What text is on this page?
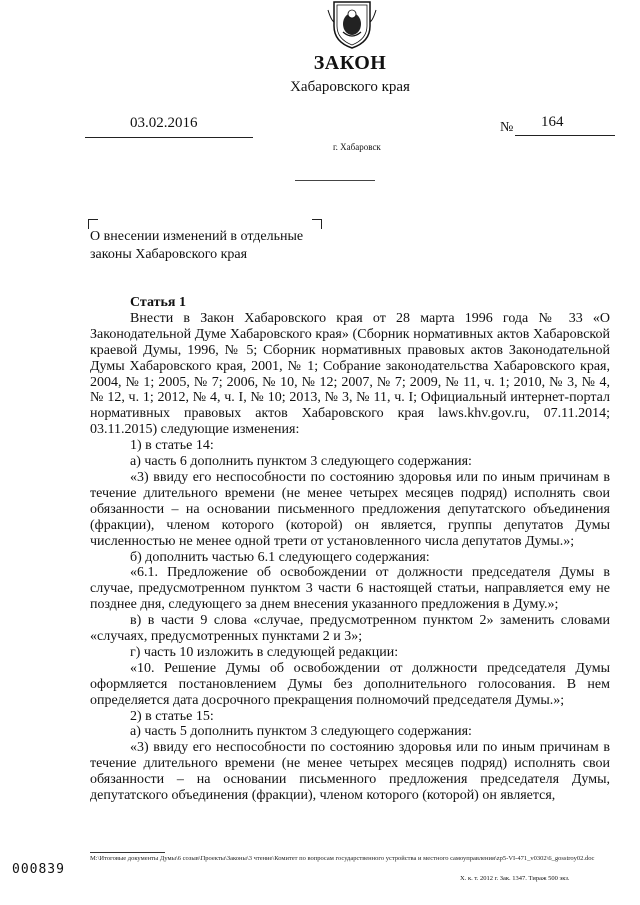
ЗАКОН
Хабаровского края
03.02.2016	№ 164
г. Хабаровск
О внесении изменений в отдельные законы Хабаровского края

Статья 1

Внести в Закон Хабаровского края от 28 марта 1996 года № 33 «О Законодательной Думе Хабаровского края» (Сборник нормативных актов Хабаровской краевой Думы, 1996, № 5; Сборник нормативных правовых актов Законодательной Думы Хабаровского края, 2001, № 1; Собрание законодательства Хабаровского края, 2004, № 1; 2005, № 7; 2006, № 10, № 12; 2007, № 7; 2009, № 11, ч. 1; 2010, № 3, № 4, № 12, ч. 1; 2012, № 4, ч. I, № 10; 2013, № 3, № 11, ч. I; Официальный интернет-портал нормативных правовых актов Хабаровского края laws.khv.gov.ru, 07.11.2014; 03.11.2015) следующие изменения:

1) в статье 14:

а) часть 6 дополнить пунктом 3 следующего содержания:

«3) ввиду его неспособности по состоянию здоровья или по иным причинам в течение длительного времени (не менее четырех месяцев подряд) исполнять свои обязанности – на основании письменного предложения депутатского объединения (фракции), членом которого (которой) он является, группы депутатов Думы численностью не менее одной трети от установленного числа депутатов Думы.»;

б) дополнить частью 6.1 следующего содержания:

«6.1. Предложение об освобождении от должности председателя Думы в случае, предусмотренном пунктом 3 части 6 настоящей статьи, направляется ему не позднее дня, следующего за днем внесения указанного предложения в Думу.»;

в) в части 9 слова «случае, предусмотренном пунктом 2» заменить словами «случаях, предусмотренных пунктами 2 и 3»;

г) часть 10 изложить в следующей редакции:

«10. Решение Думы об освобождении от должности председателя Думы оформляется постановлением Думы без дополнительного голосования. В нем определяется дата досрочного прекращения полномочий председателя Думы.»;

2) в статье 15:

а) часть 5 дополнить пунктом 3 следующего содержания:

«3) ввиду его неспособности по состоянию здоровья или по иным причинам в течение длительного времени (не менее четырех месяцев подряд) исполнять свои обязанности – на основании письменного предложения председателя Думы, депутатского объединения (фракции), членом которого (которой) он является,

M:\Итоговые документы Думы\6 созыв\Проекты\Законы\3 чтение\Комитет по вопросам государственного устройства и местного самоуправления\zp5-VI-471_v0302\6_gosstroy02.doc
000839
Х. к. т. 2012 г. Зак. 1347. Тираж 500 экз.
